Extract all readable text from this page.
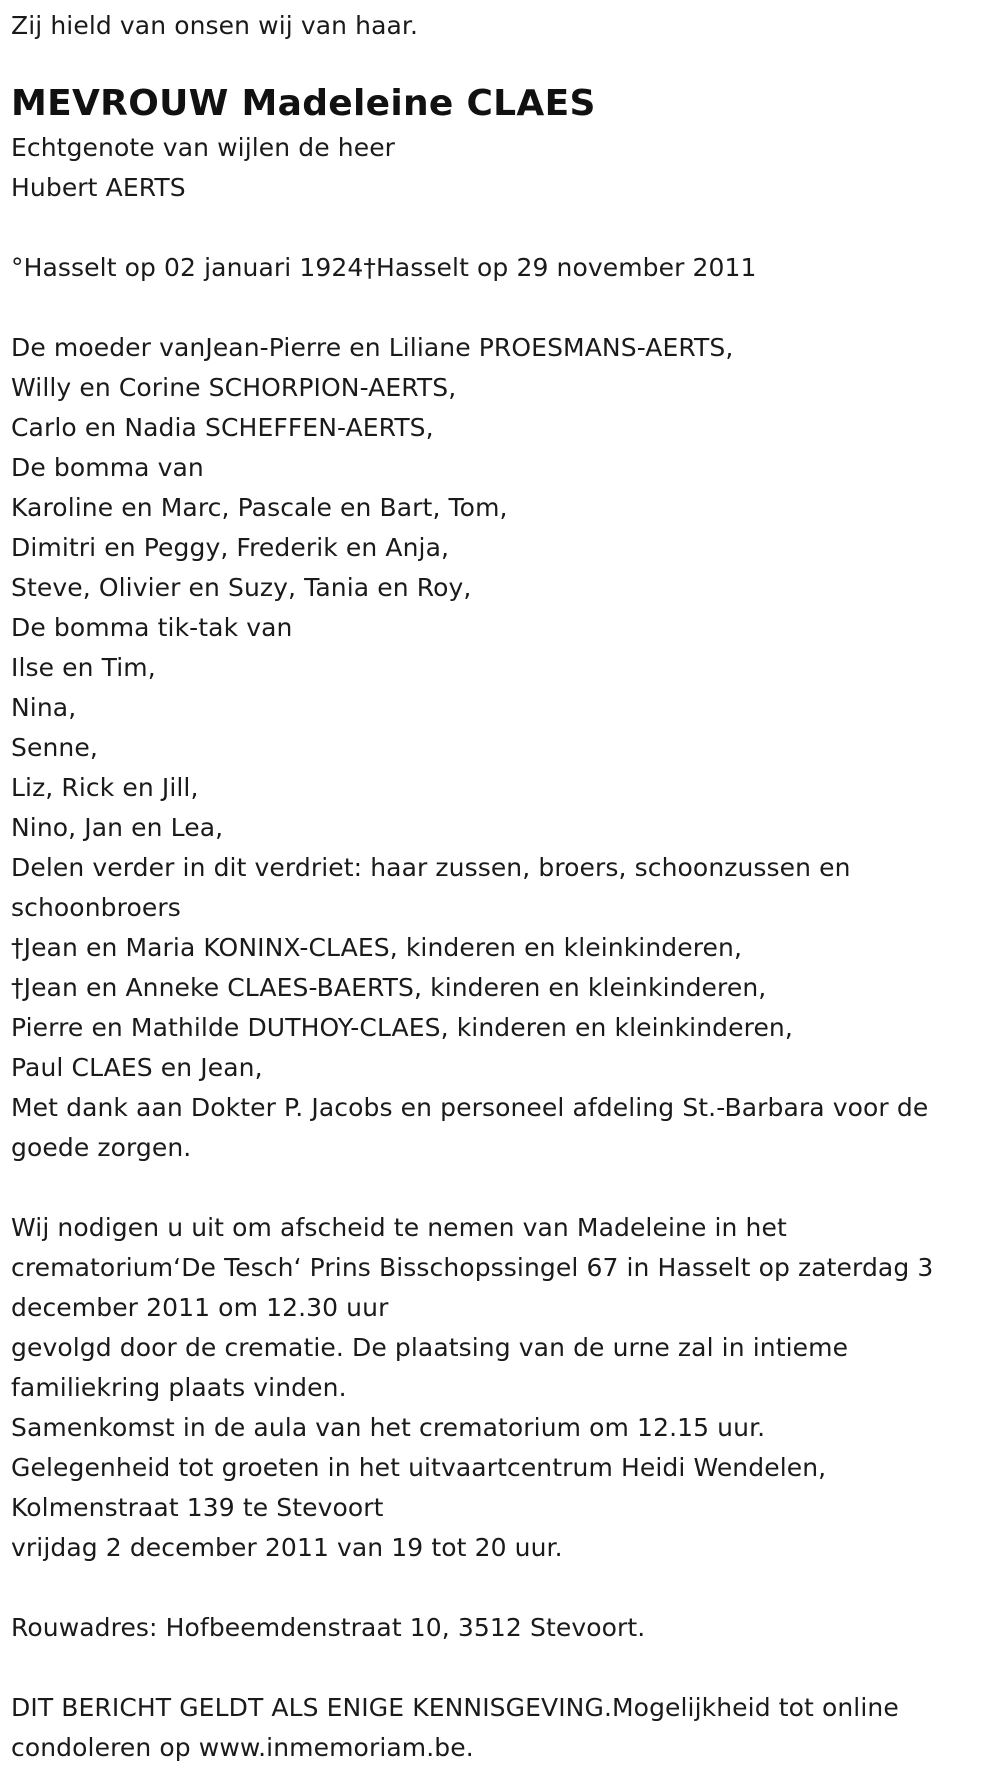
Zij hield van onsen wij van haar.
MEVROUW Madeleine CLAES
Echtgenote van wijlen de heer
Hubert AERTS
°Hasselt op 02 januari 1924†Hasselt op 29 november 2011
De moeder vanJean-Pierre en Liliane PROESMANS-AERTS,
Willy en Corine SCHORPION-AERTS,
Carlo en Nadia SCHEFFEN-AERTS,
De bomma van
Karoline en Marc, Pascale en Bart, Tom,
Dimitri en Peggy, Frederik en Anja,
Steve, Olivier en Suzy, Tania en Roy,
De bomma tik-tak van
Ilse en Tim,
Nina,
Senne,
Liz, Rick en Jill,
Nino, Jan en Lea,
Delen verder in dit verdriet: haar zussen, broers, schoonzussen en
schoonbroers
†Jean en Maria KONINX-CLAES, kinderen en kleinkinderen,
†Jean en Anneke CLAES-BAERTS, kinderen en kleinkinderen,
Pierre en Mathilde DUTHOY-CLAES, kinderen en kleinkinderen,
Paul CLAES en Jean,
Met dank aan Dokter P. Jacobs en personeel afdeling St.-Barbara voor de
goede zorgen.
Wij nodigen u uit om afscheid te nemen van Madeleine in het
crematorium‘De Tesch‘ Prins Bisschopssingel 67 in Hasselt op zaterdag 3
december 2011 om 12.30 uur
gevolgd door de crematie. De plaatsing van de urne zal in intieme
familiekring plaats vinden.
Samenkomst in de aula van het crematorium om 12.15 uur.
Gelegenheid tot groeten in het uitvaartcentrum Heidi Wendelen,
Kolmenstraat 139 te Stevoort
vrijdag 2 december 2011 van 19 tot 20 uur.
Rouwadres: Hofbeemdenstraat 10, 3512 Stevoort.
DIT BERICHT GELDT ALS ENIGE KENNISGEVING.Mogelijkheid tot online
condoleren op www.inmemoriam.be.
